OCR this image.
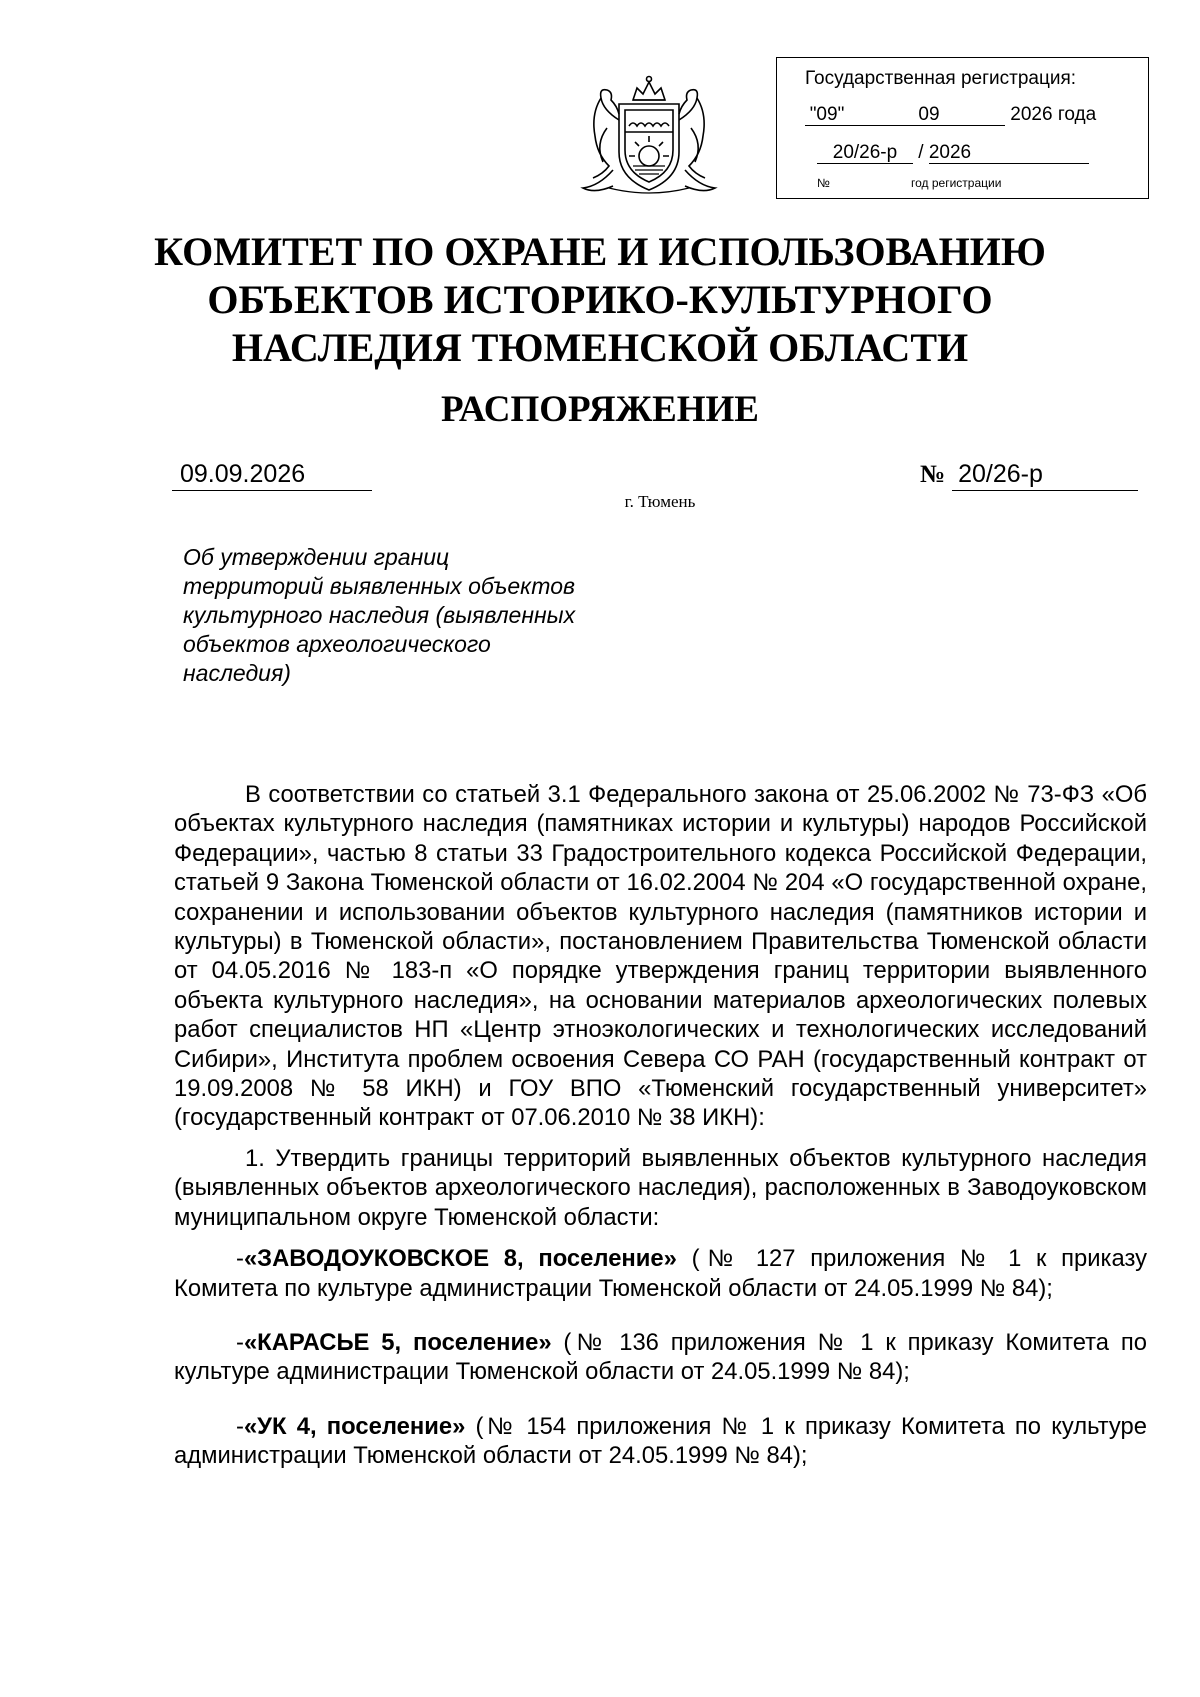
Государственная регистрация:
"09"	09	2026 года
20/26-р / 2026
№	год регистрации
КОМИТЕТ ПО ОХРАНЕ И ИСПОЛЬЗОВАНИЮ
ОБЪЕКТОВ ИСТОРИКО-КУЛЬТУРНОГО
НАСЛЕДИЯ ТЮМЕНСКОЙ ОБЛАСТИ
РАСПОРЯЖЕНИЕ
09.09.2026	№ 20/26-р
г. Тюмень
Об утверждении границ
территорий выявленных объектов
культурного наследия (выявленных
объектов археологического
наследия)

В соответствии со статьей 3.1 Федерального закона от 25.06.2002 № 73-ФЗ «Об объектах культурного наследия (памятниках истории и культуры) народов Российской Федерации», частью 8 статьи 33 Градостроительного кодекса Российской Федерации, статьей 9 Закона Тюменской области от 16.02.2004 № 204 «О государственной охране, сохранении и использовании объектов культурного наследия (памятников истории и культуры) в Тюменской области», постановлением Правительства Тюменской области от 04.05.2016 № 183-п «О порядке утверждения границ территории выявленного объекта культурного наследия», на основании материалов археологических полевых работ специалистов НП «Центр этноэкологических и технологических исследований Сибири», Института проблем освоения Севера СО РАН (государственный контракт от 19.09.2008 № 58 ИКН) и ГОУ ВПО «Тюменский государственный университет» (государственный контракт от 07.06.2010 № 38 ИКН):

1. Утвердить границы территорий выявленных объектов культурного наследия (выявленных объектов археологического наследия), расположенных в Заводоуковском муниципальном округе Тюменской области:

-«ЗАВОДОУКОВСКОЕ 8, поселение» (№ 127 приложения № 1 к приказу Комитета по культуре администрации Тюменской области от 24.05.1999 № 84);

-«КАРАСЬЕ 5, поселение» (№ 136 приложения № 1 к приказу Комитета по культуре администрации Тюменской области от 24.05.1999 № 84);

-«УК 4, поселение» (№ 154 приложения № 1 к приказу Комитета по культуре администрации Тюменской области от 24.05.1999 № 84);
